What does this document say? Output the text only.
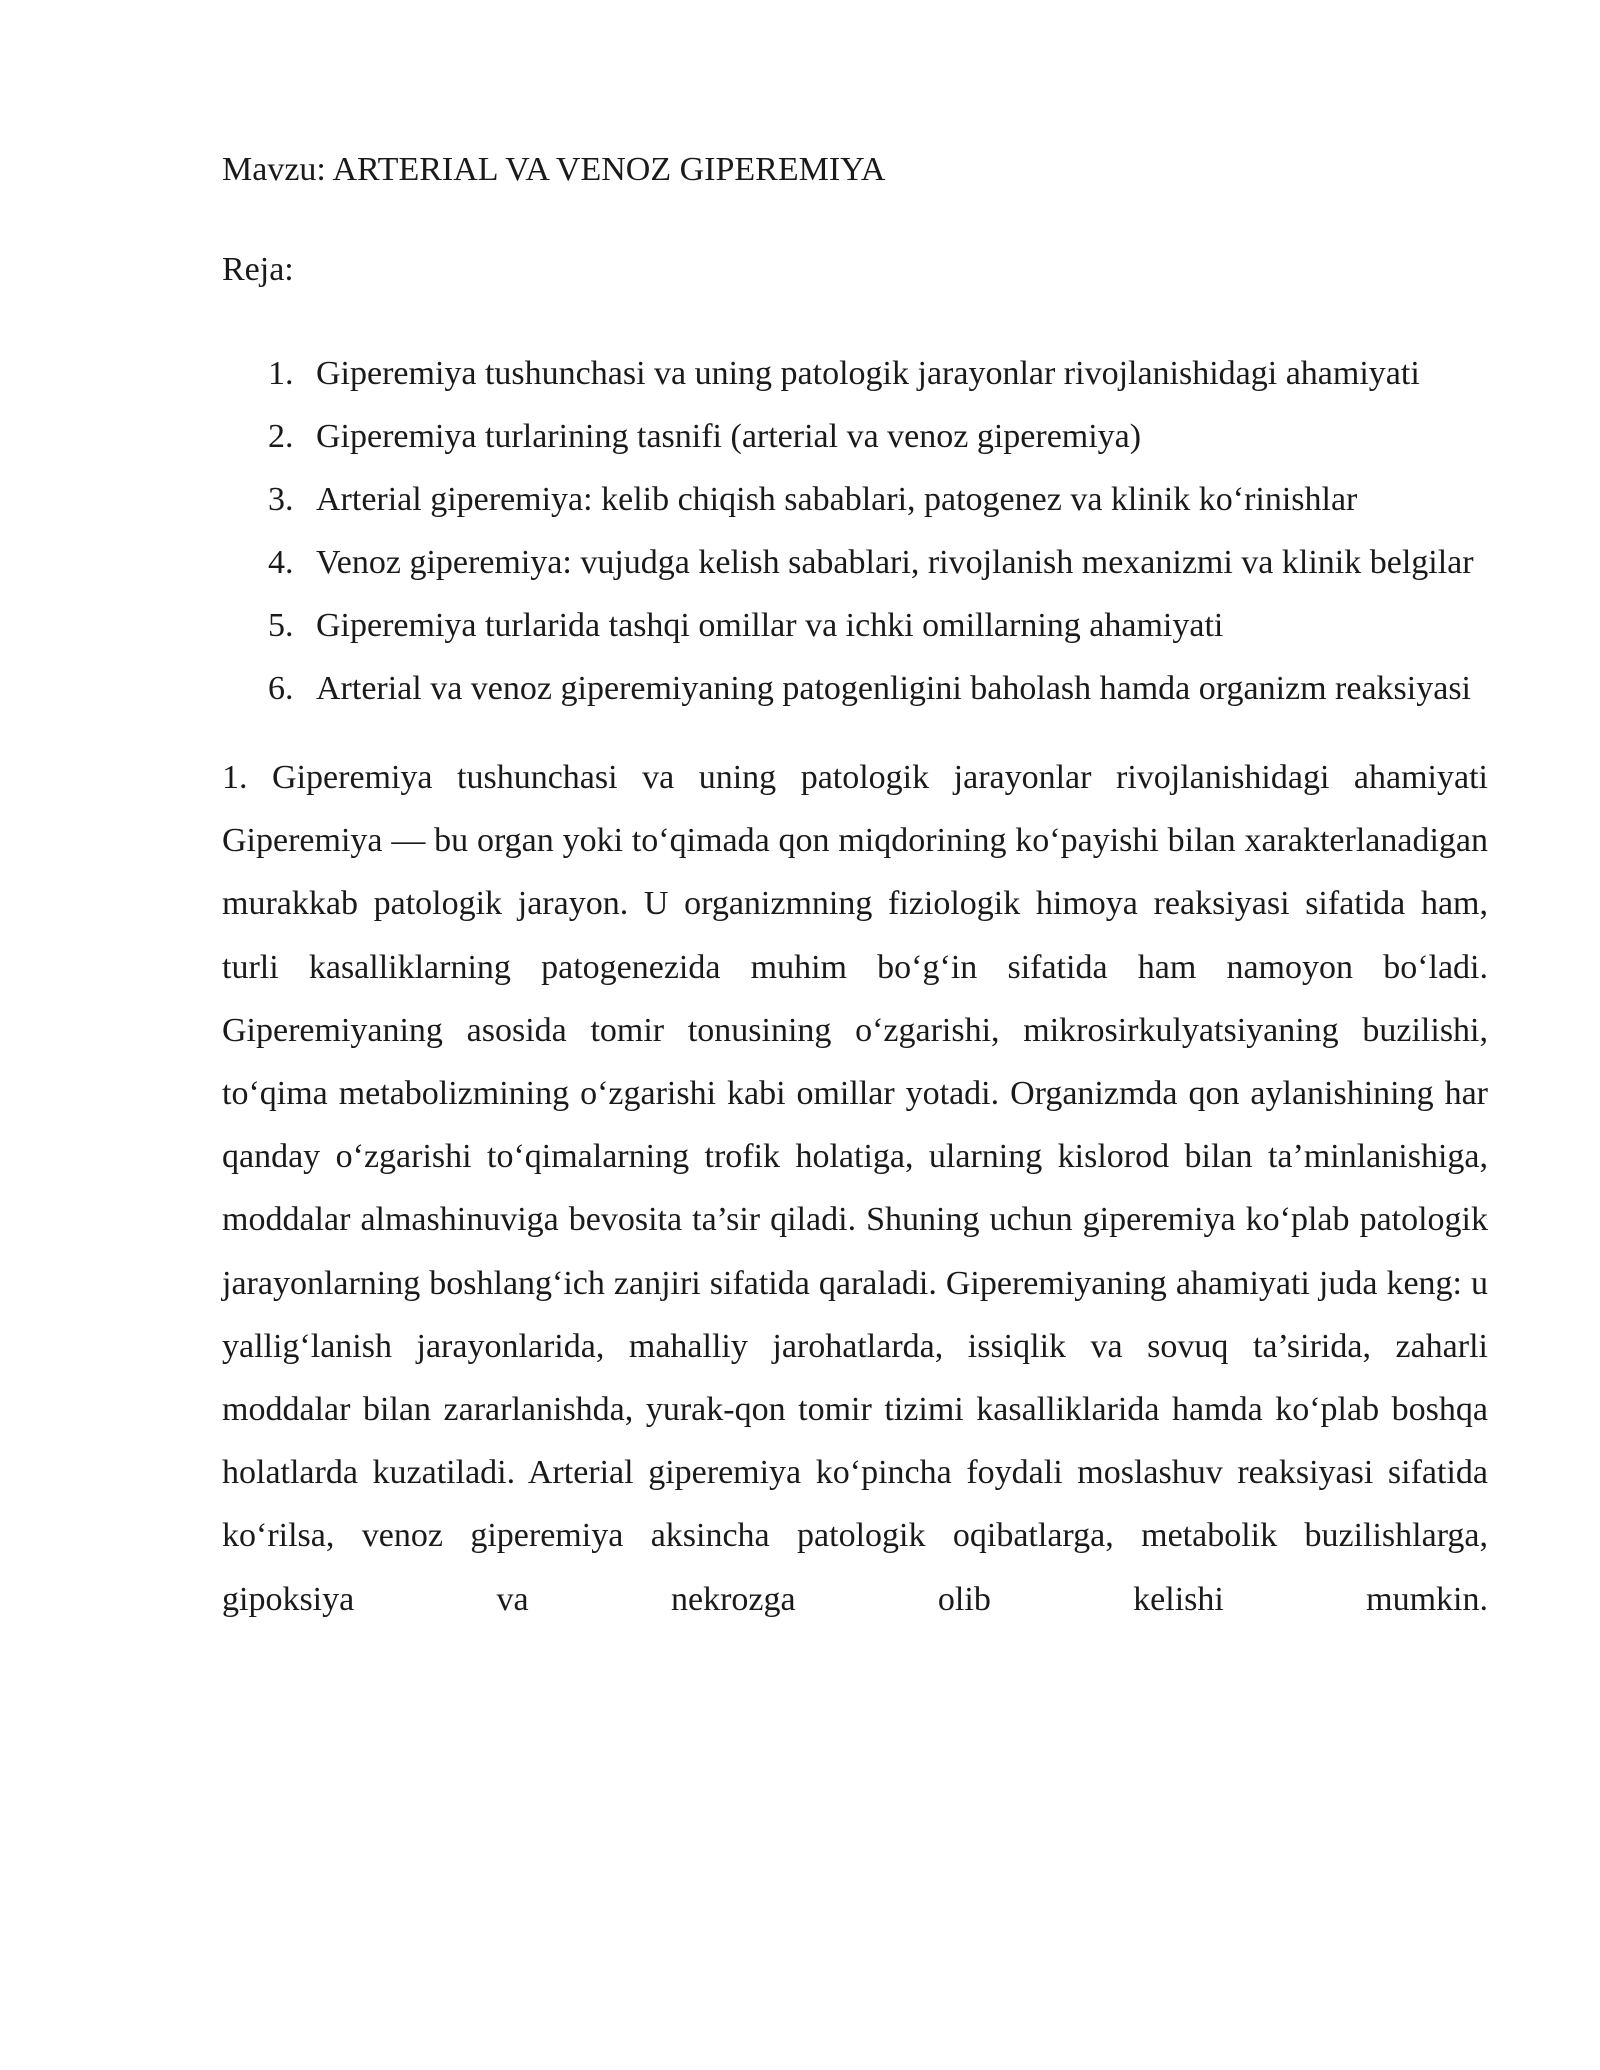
Mavzu: ARTERIAL VA VENOZ GIPEREMIYA

Reja:

1. Giperemiya tushunchasi va uning patologik jarayonlar rivojlanishidagi ahamiyati
2. Giperemiya turlarining tasnifi (arterial va venoz giperemiya)
3. Arterial giperemiya: kelib chiqish sabablari, patogenez va klinik ko‘rinishlar
4. Venoz giperemiya: vujudga kelish sabablari, rivojlanish mexanizmi va klinik belgilar
5. Giperemiya turlarida tashqi omillar va ichki omillarning ahamiyati
6. Arterial va venoz giperemiyaning patogenligini baholash hamda organizm reaksiyasi

1. Giperemiya tushunchasi va uning patologik jarayonlar rivojlanishidagi ahamiyati Giperemiya — bu organ yoki to‘qimada qon miqdorining ko‘payishi bilan xarakterlanadigan murakkab patologik jarayon. U organizmning fiziologik himoya reaksiyasi sifatida ham, turli kasalliklarning patogenezida muhim bo‘g‘in sifatida ham namoyon bo‘ladi. Giperemiyaning asosida tomir tonusining o‘zgarishi, mikrosirkulyatsiyaning buzilishi, to‘qima metabolizmining o‘zgarishi kabi omillar yotadi. Organizmda qon aylanishining har qanday o‘zgarishi to‘qimalarning trofik holatiga, ularning kislorod bilan ta’minlanishiga, moddalar almashinuviga bevosita ta’sir qiladi. Shuning uchun giperemiya ko‘plab patologik jarayonlarning boshlang‘ich zanjiri sifatida qaraladi. Giperemiyaning ahamiyati juda keng: u yallig‘lanish jarayonlarida, mahalliy jarohatlarda, issiqlik va sovuq ta’sirida, zaharli moddalar bilan zararlanishda, yurak-qon tomir tizimi kasalliklarida hamda ko‘plab boshqa holatlarda kuzatiladi. Arterial giperemiya ko‘pincha foydali moslashuv reaksiyasi sifatida ko‘rilsa, venoz giperemiya aksincha patologik oqibatlarga, metabolik buzilishlarga, gipoksiya va nekrozga olib kelishi mumkin.
